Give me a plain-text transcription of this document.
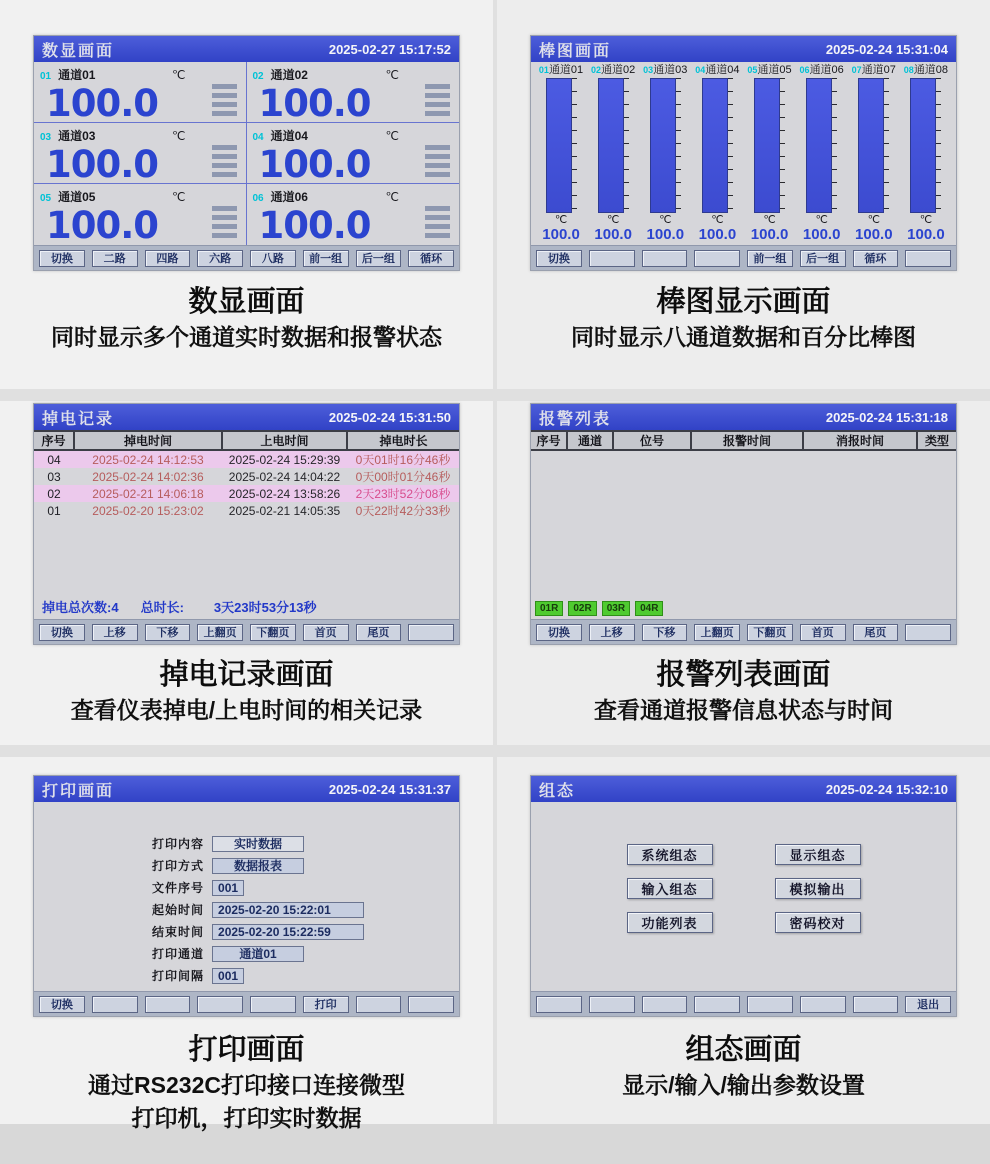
数显画面	2025-02-27 15:17:52
01 通道01	℃
100.0
02 通道02	℃
100.0
03 通道03	℃
100.0
04 通道04	℃
100.0
05 通道05	℃
100.0
06 通道06	℃
100.0
切换	二路	四路	六路	八路	前一组	后一组	循环
数显画面
同时显示多个通道实时数据和报警状态
棒图画面	2025-02-24 15:31:04
01通道01
℃
100.0
02通道02
℃
100.0
03通道03
℃
100.0
04通道04
℃
100.0
05通道05
℃
100.0
06通道06
℃
100.0
07通道07
℃
100.0
08通道08
℃
100.0
切换	前一组	后一组	循环
棒图显示画面
同时显示八通道数据和百分比棒图
掉电记录	2025-02-24 15:31:50
序号	掉电时间	上电时间	掉电时长
04	2025-02-24 14:12:53	2025-02-24 15:29:39	0天01时16分46秒
03	2025-02-24 14:02:36	2025-02-24 14:04:22	0天00时01分46秒
02	2025-02-21 14:06:18	2025-02-24 13:58:26	2天23时52分08秒
01	2025-02-20 15:23:02	2025-02-21 14:05:35	0天22时42分33秒
掉电总次数:4 总时长: 3天23时53分13秒
切换	上移	下移	上翻页	下翻页	首页	尾页
掉电记录画面
查看仪表掉电/上电时间的相关记录
报警列表	2025-02-24 15:31:18
序号	通道	位号	报警时间	消报时间	类型
01R	02R	03R	04R
切换	上移	下移	上翻页	下翻页	首页	尾页
报警列表画面
查看通道报警信息状态与时间
打印画面	2025-02-24 15:31:37
打印内容	实时数据
打印方式	数据报表
文件序号	001
起始时间	2025-02-20 15:22:01
结束时间	2025-02-20 15:22:59
打印通道	通道01
打印间隔	001
切换	打印
打印画面
通过RS232C打印接口连接微型
打印机，打印实时数据
组态	2025-02-24 15:32:10
系统组态	显示组态
输入组态	模拟输出
功能列表	密码校对
退出
组态画面
显示/输入/输出参数设置
